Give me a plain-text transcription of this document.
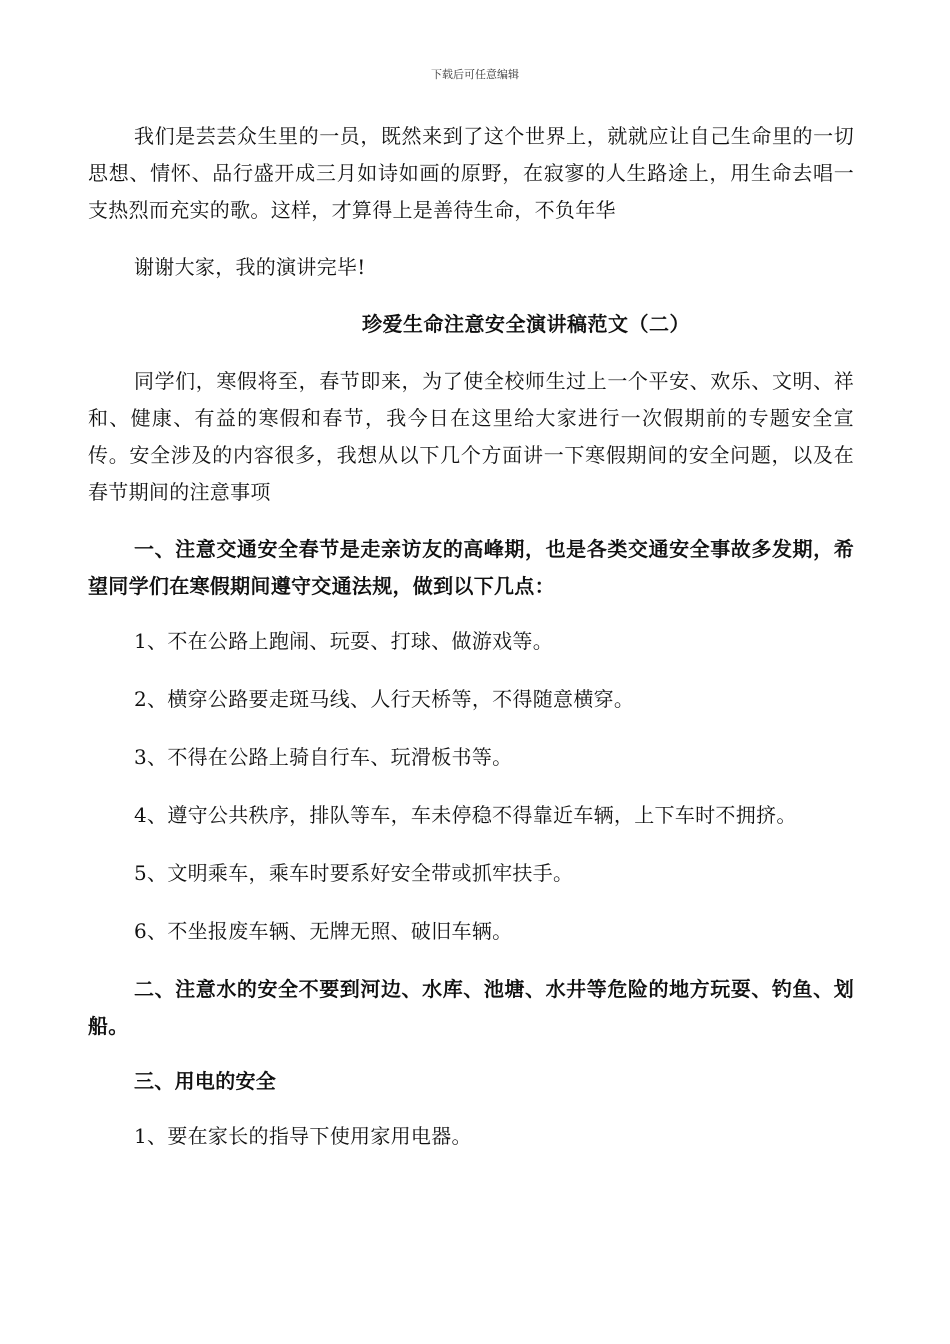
下载后可任意编辑

我们是芸芸众生里的一员，既然来到了这个世界上，就就应让自己生命里的一切思想、情怀、品行盛开成三月如诗如画的原野，在寂寥的人生路途上，用生命去唱一支热烈而充实的歌。这样，才算得上是善待生命，不负年华

谢谢大家，我的演讲完毕!

珍爱生命注意安全演讲稿范文（二）

同学们，寒假将至，春节即来，为了使全校师生过上一个平安、欢乐、文明、祥和、健康、有益的寒假和春节，我今日在这里给大家进行一次假期前的专题安全宣传。安全涉及的内容很多，我想从以下几个方面讲一下寒假期间的安全问题，以及在春节期间的注意事项

一、注意交通安全春节是走亲访友的高峰期，也是各类交通安全事故多发期，希望同学们在寒假期间遵守交通法规，做到以下几点：

1、不在公路上跑闹、玩耍、打球、做游戏等。

2、横穿公路要走斑马线、人行天桥等，不得随意横穿。

3、不得在公路上骑自行车、玩滑板书等。

4、遵守公共秩序，排队等车，车未停稳不得靠近车辆，上下车时不拥挤。

5、文明乘车，乘车时要系好安全带或抓牢扶手。

6、不坐报废车辆、无牌无照、破旧车辆。

二、注意水的安全不要到河边、水库、池塘、水井等危险的地方玩耍、钓鱼、划船。

三、用电的安全

1、要在家长的指导下使用家用电器。
